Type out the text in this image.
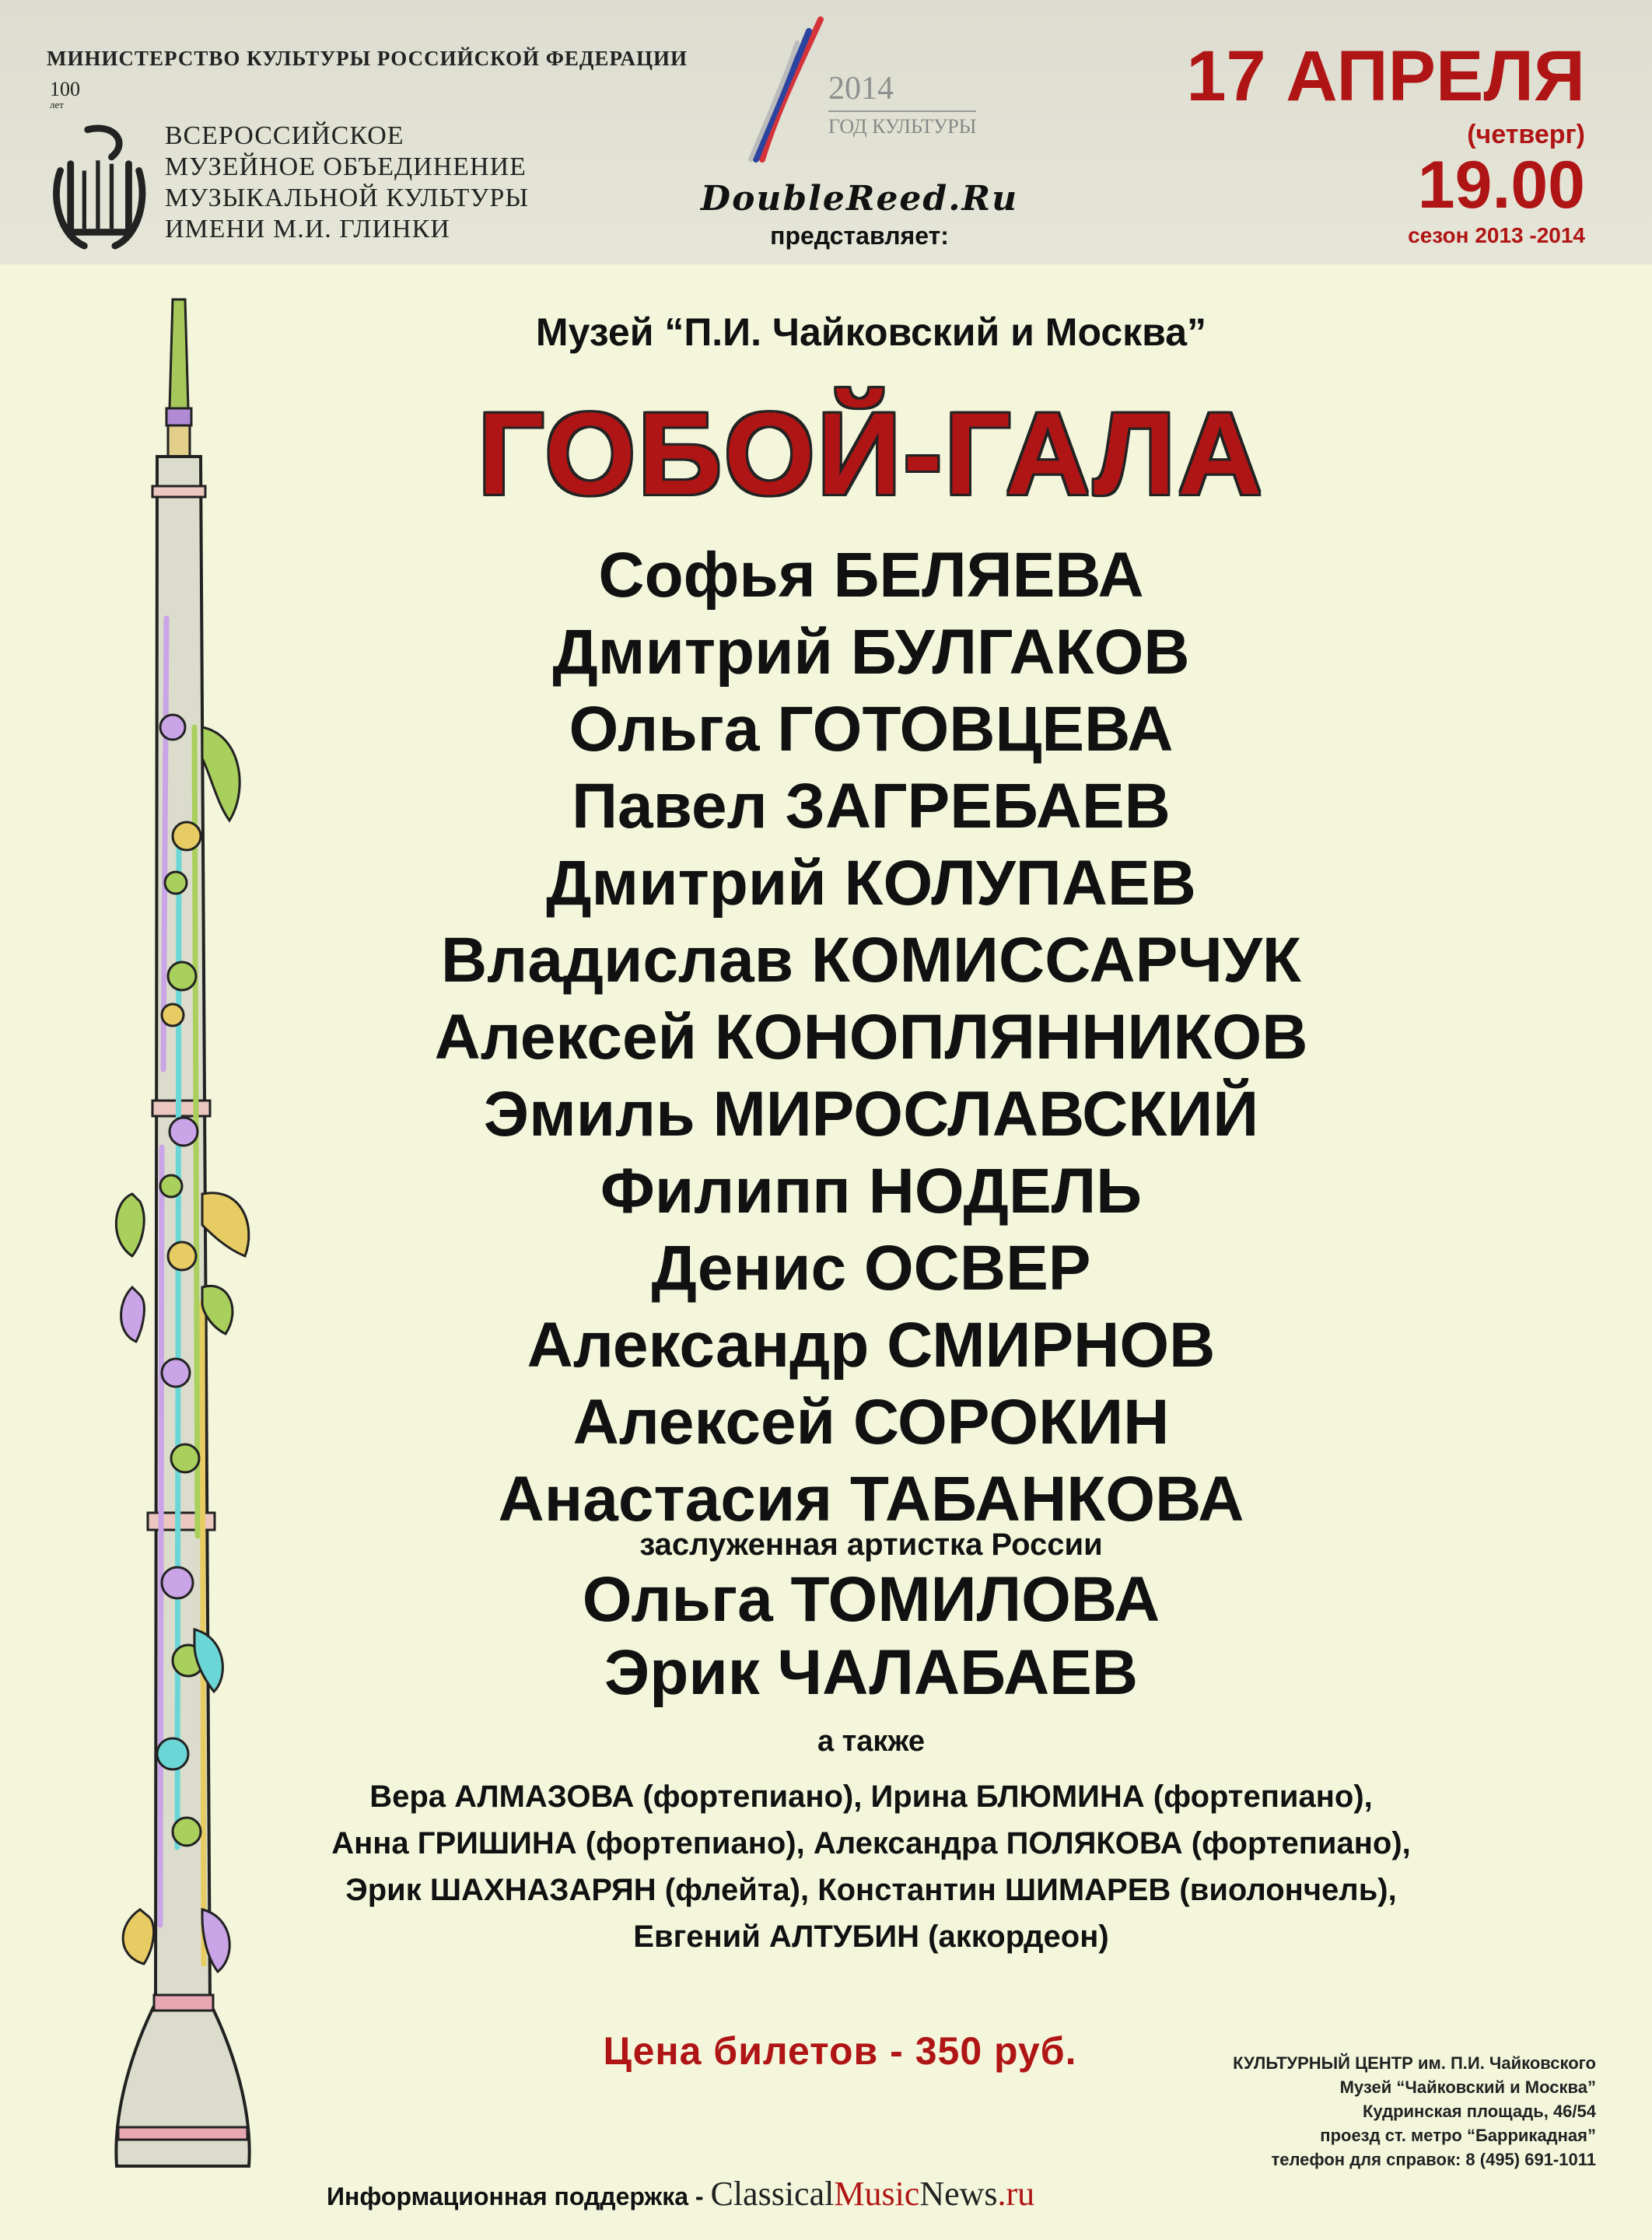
МИНИСТЕРСТВО КУЛЬТУРЫ РОССИЙСКОЙ ФЕДЕРАЦИИ
100
лет
ВСЕРОССИЙСКОЕ
МУЗЕЙНОЕ ОБЪЕДИНЕНИЕ
МУЗЫКАЛЬНОЙ КУЛЬТУРЫ
ИМЕНИ М.И. ГЛИНКИ
2014
ГОД КУЛЬТУРЫ
DoubleReed.Ru
представляет:
17 АПРЕЛЯ
(четверг)
19.00
сезон 2013 -2014
Музей “П.И. Чайковский и Москва”
ГОБОЙ-ГАЛА
Софья БЕЛЯЕВА
Дмитрий БУЛГАКОВ
Ольга ГОТОВЦЕВА
Павел ЗАГРЕБАЕВ
Дмитрий КОЛУПАЕВ
Владислав КОМИССАРЧУК
Алексей КОНОПЛЯННИКОВ
Эмиль МИРОСЛАВСКИЙ
Филипп НОДЕЛЬ
Денис ОСВЕР
Александр СМИРНОВ
Алексей СОРОКИН
Анастасия ТАБАНКОВА
заслуженная артистка России
Ольга ТОМИЛОВА
Эрик ЧАЛАБАЕВ
а также
Вера АЛМАЗОВА (фортепиано), Ирина БЛЮМИНА (фортепиано),
Анна ГРИШИНА (фортепиано), Александра ПОЛЯКОВА (фортепиано),
Эрик ШАХНАЗАРЯН (флейта), Константин ШИМАРЕВ (виолончель),
Евгений АЛТУБИН (аккордеон)
Цена билетов - 350 руб.
Информационная поддержка - ClassicalMusicNews.ru
КУЛЬТУРНЫЙ ЦЕНТР им. П.И. Чайковского
Музей “Чайковский и Москва”
Кудринская площадь, 46/54
проезд ст. метро “Баррикадная”
телефон для справок: 8 (495) 691-1011
